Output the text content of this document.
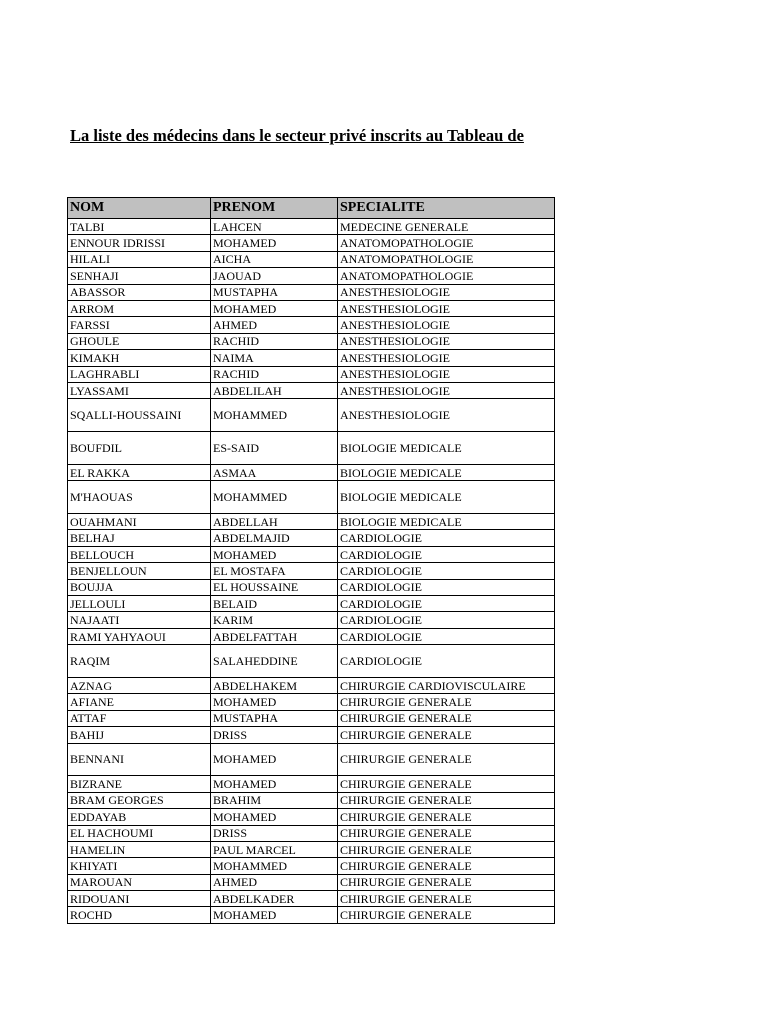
La liste des médecins dans le secteur privé inscrits au Tableau de
NOM	PRENOM	SPECIALITE
TALBI	LAHCEN	MEDECINE GENERALE
ENNOUR IDRISSI	MOHAMED	ANATOMOPATHOLOGIE
HILALI	AICHA	ANATOMOPATHOLOGIE
SENHAJI	JAOUAD	ANATOMOPATHOLOGIE
ABASSOR	MUSTAPHA	ANESTHESIOLOGIE
ARROM	MOHAMED	ANESTHESIOLOGIE
FARSSI	AHMED	ANESTHESIOLOGIE
GHOULE	RACHID	ANESTHESIOLOGIE
KIMAKH	NAIMA	ANESTHESIOLOGIE
LAGHRABLI	RACHID	ANESTHESIOLOGIE
LYASSAMI	ABDELILAH	ANESTHESIOLOGIE
SQALLI-HOUSSAINI	MOHAMMED	ANESTHESIOLOGIE
BOUFDIL	ES-SAID	BIOLOGIE MEDICALE
EL RAKKA	ASMAA	BIOLOGIE MEDICALE
M'HAOUAS	MOHAMMED	BIOLOGIE MEDICALE
OUAHMANI	ABDELLAH	BIOLOGIE MEDICALE
BELHAJ	ABDELMAJID	CARDIOLOGIE
BELLOUCH	MOHAMED	CARDIOLOGIE
BENJELLOUN	EL MOSTAFA	CARDIOLOGIE
BOUJJA	EL HOUSSAINE	CARDIOLOGIE
JELLOULI	BELAID	CARDIOLOGIE
NAJAATI	KARIM	CARDIOLOGIE
RAMI YAHYAOUI	ABDELFATTAH	CARDIOLOGIE
RAQIM	SALAHEDDINE	CARDIOLOGIE
AZNAG	ABDELHAKEM	CHIRURGIE CARDIOVISCULAIRE
AFIANE	MOHAMED	CHIRURGIE GENERALE
ATTAF	MUSTAPHA	CHIRURGIE GENERALE
BAHIJ	DRISS	CHIRURGIE GENERALE
BENNANI	MOHAMED	CHIRURGIE GENERALE
BIZRANE	MOHAMED	CHIRURGIE GENERALE
BRAM GEORGES	BRAHIM	CHIRURGIE GENERALE
EDDAYAB	MOHAMED	CHIRURGIE GENERALE
EL HACHOUMI	DRISS	CHIRURGIE GENERALE
HAMELIN	PAUL MARCEL	CHIRURGIE GENERALE
KHIYATI	MOHAMMED	CHIRURGIE GENERALE
MAROUAN	AHMED	CHIRURGIE GENERALE
RIDOUANI	ABDELKADER	CHIRURGIE GENERALE
ROCHD	MOHAMED	CHIRURGIE GENERALE
